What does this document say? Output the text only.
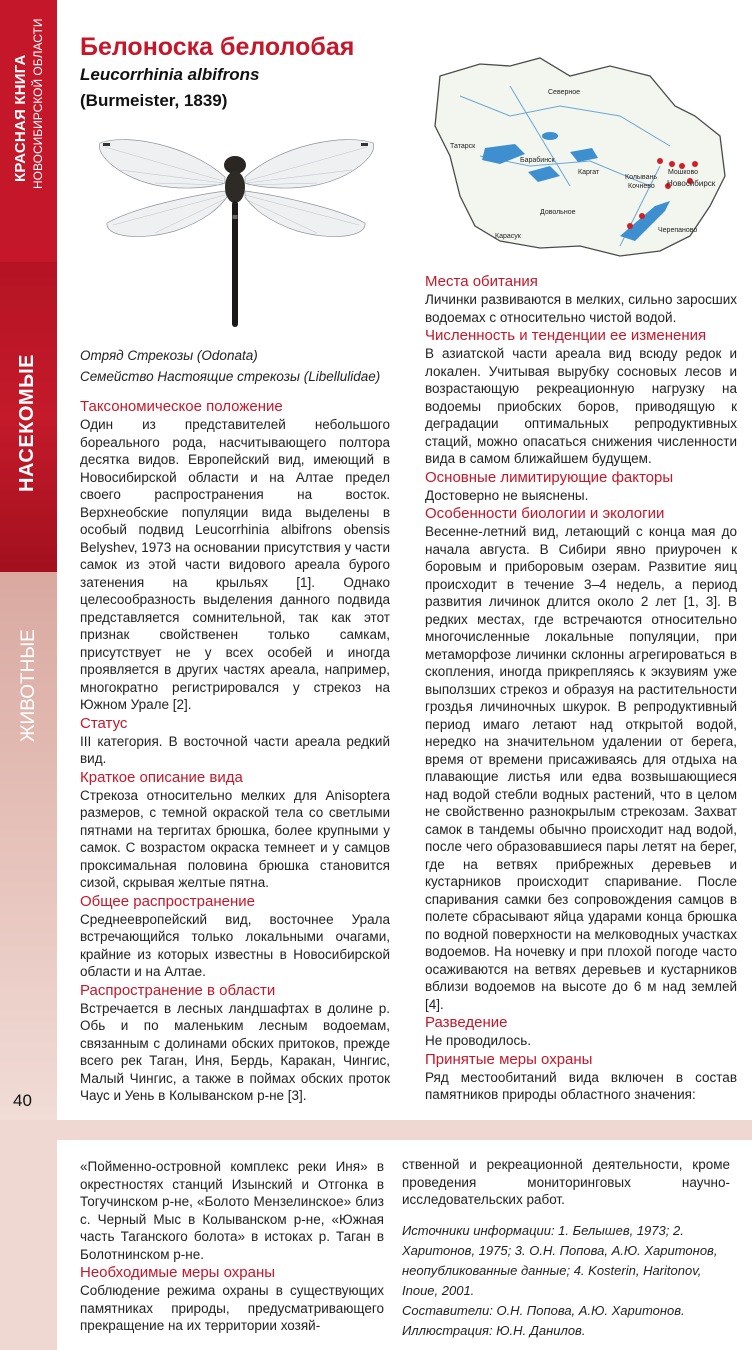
КРАСНАЯ КНИГА НОВОСИБИРСКОЙ ОБЛАСТИ
НАСЕКОМЫЕ
ЖИВОТНЫЕ
40
Белоноска белолобая
Leucorrhinia albifrons
(Burmeister, 1839)
Отряд Стрекозы (Odonata)
Семейство Настоящие стрекозы (Libellulidae)
Северное
Татарск
Барабинск
Каргат
Колывань
Мошково
Кочнево Новосибирск
Довольное
Карасук
Черепаново
Таксономическое положение

Один из представителей небольшого бореального рода, насчитывающего полтора десятка видов. Европейский вид, имеющий в Новосибирской области и на Алтае предел своего распространения на восток. Верхнеобские популяции вида выделены в особый подвид Leucorrhinia albifrons obensis Belyshev, 1973 на основании присутствия у части самок из этой части видового ареала бурого затенения на крыльях [1]. Однако целесообразность выделения данного подвида представляется сомнительной, так как этот признак свойственен только самкам, присутствует не у всех особей и иногда проявляется в других частях ареала, например, многократно регистрировался у стрекоз на Южном Урале [2].

Статус

III категория. В восточной части ареала редкий вид.

Краткое описание вида

Стрекоза относительно мелких для Anisoptera размеров, с темной окраской тела со светлыми пятнами на тергитах брюшка, более крупными у самок. С возрастом окраска темнеет и у самцов проксимальная половина брюшка становится сизой, скрывая желтые пятна.

Общее распространение

Среднеевропейский вид, восточнее Урала встречающийся только локальными очагами, крайние из которых известны в Новосибирской области и на Алтае.

Распространение в области

Встречается в лесных ландшафтах в долине р. Обь и по маленьким лесным водоемам, связанным с долинами обских притоков, прежде всего рек Таган, Иня, Бердь, Каракан, Чингис, Малый Чингис, а также в поймах обских проток Чаус и Уень в Колыванском р-не [3].

Места обитания

Личинки развиваются в мелких, сильно заросших водоемах с относительно чистой водой.

Численность и тенденции ее изменения

В азиатской части ареала вид всюду редок и локален. Учитывая вырубку сосновых лесов и возрастающую рекреационную нагрузку на водоемы приобских боров, приводящую к деградации оптимальных репродуктивных стаций, можно опасаться снижения численности вида в самом ближайшем будущем.

Основные лимитирующие факторы

Достоверно не выяснены.

Особенности биологии и экологии

Весенне-летний вид, летающий с конца мая до начала августа. В Сибири явно приурочен к боровым и приборовым озерам. Развитие яиц происходит в течение 3–4 недель, а период развития личинок длится около 2 лет [1, 3]. В редких местах, где встречаются относительно многочисленные локальные популяции, при метаморфозе личинки склонны агрегироваться в скопления, иногда прикрепляясь к экзувиям уже выползших стрекоз и образуя на растительности гроздья личиночных шкурок. В репродуктивный период имаго летают над открытой водой, нередко на значительном удалении от берега, время от времени присаживаясь для отдыха на плавающие листья или едва возвышающиеся над водой стебли водных растений, что в целом не свойственно разнокрылым стрекозам. Захват самок в тандемы обычно происходит над водой, после чего образовавшиеся пары летят на берег, где на ветвях прибрежных деревьев и кустарников происходит спаривание. После спаривания самки без сопровождения самцов в полете сбрасывают яйца ударами конца брюшка по водной поверхности на мелководных участках водоемов. На ночевку и при плохой погоде часто осаживаются на ветвях деревьев и кустарников вблизи водоемов на высоте до 6 м над землей [4].

Разведение

Не проводилось.

Принятые меры охраны

Ряд местообитаний вида включен в состав памятников природы областного значения:

«Пойменно-островной комплекс реки Иня» в окрестностях станций Изынский и Отгонка в Тогучинском р-не, «Болото Мензелинское» близ с. Черный Мыс в Колыванском р-не, «Южная часть Таганского болота» в истоках р. Таган в Болотнинском р-не.

Необходимые меры охраны

Соблюдение режима охраны в существующих памятниках природы, предусматривающего прекращение на их территории хозяй-

ственной и рекреационной деятельности, кроме проведения мониторинговых научно-исследовательских работ.

Источники информации: 1. Белышев, 1973; 2. Харитонов, 1975; 3. О.Н. Попова, А.Ю. Харитонов, неопубликованные данные; 4. Kosterin, Haritonov, Inoue, 2001.
Составители: О.Н. Попова, А.Ю. Харитонов.
Иллюстрация: Ю.Н. Данилов.
